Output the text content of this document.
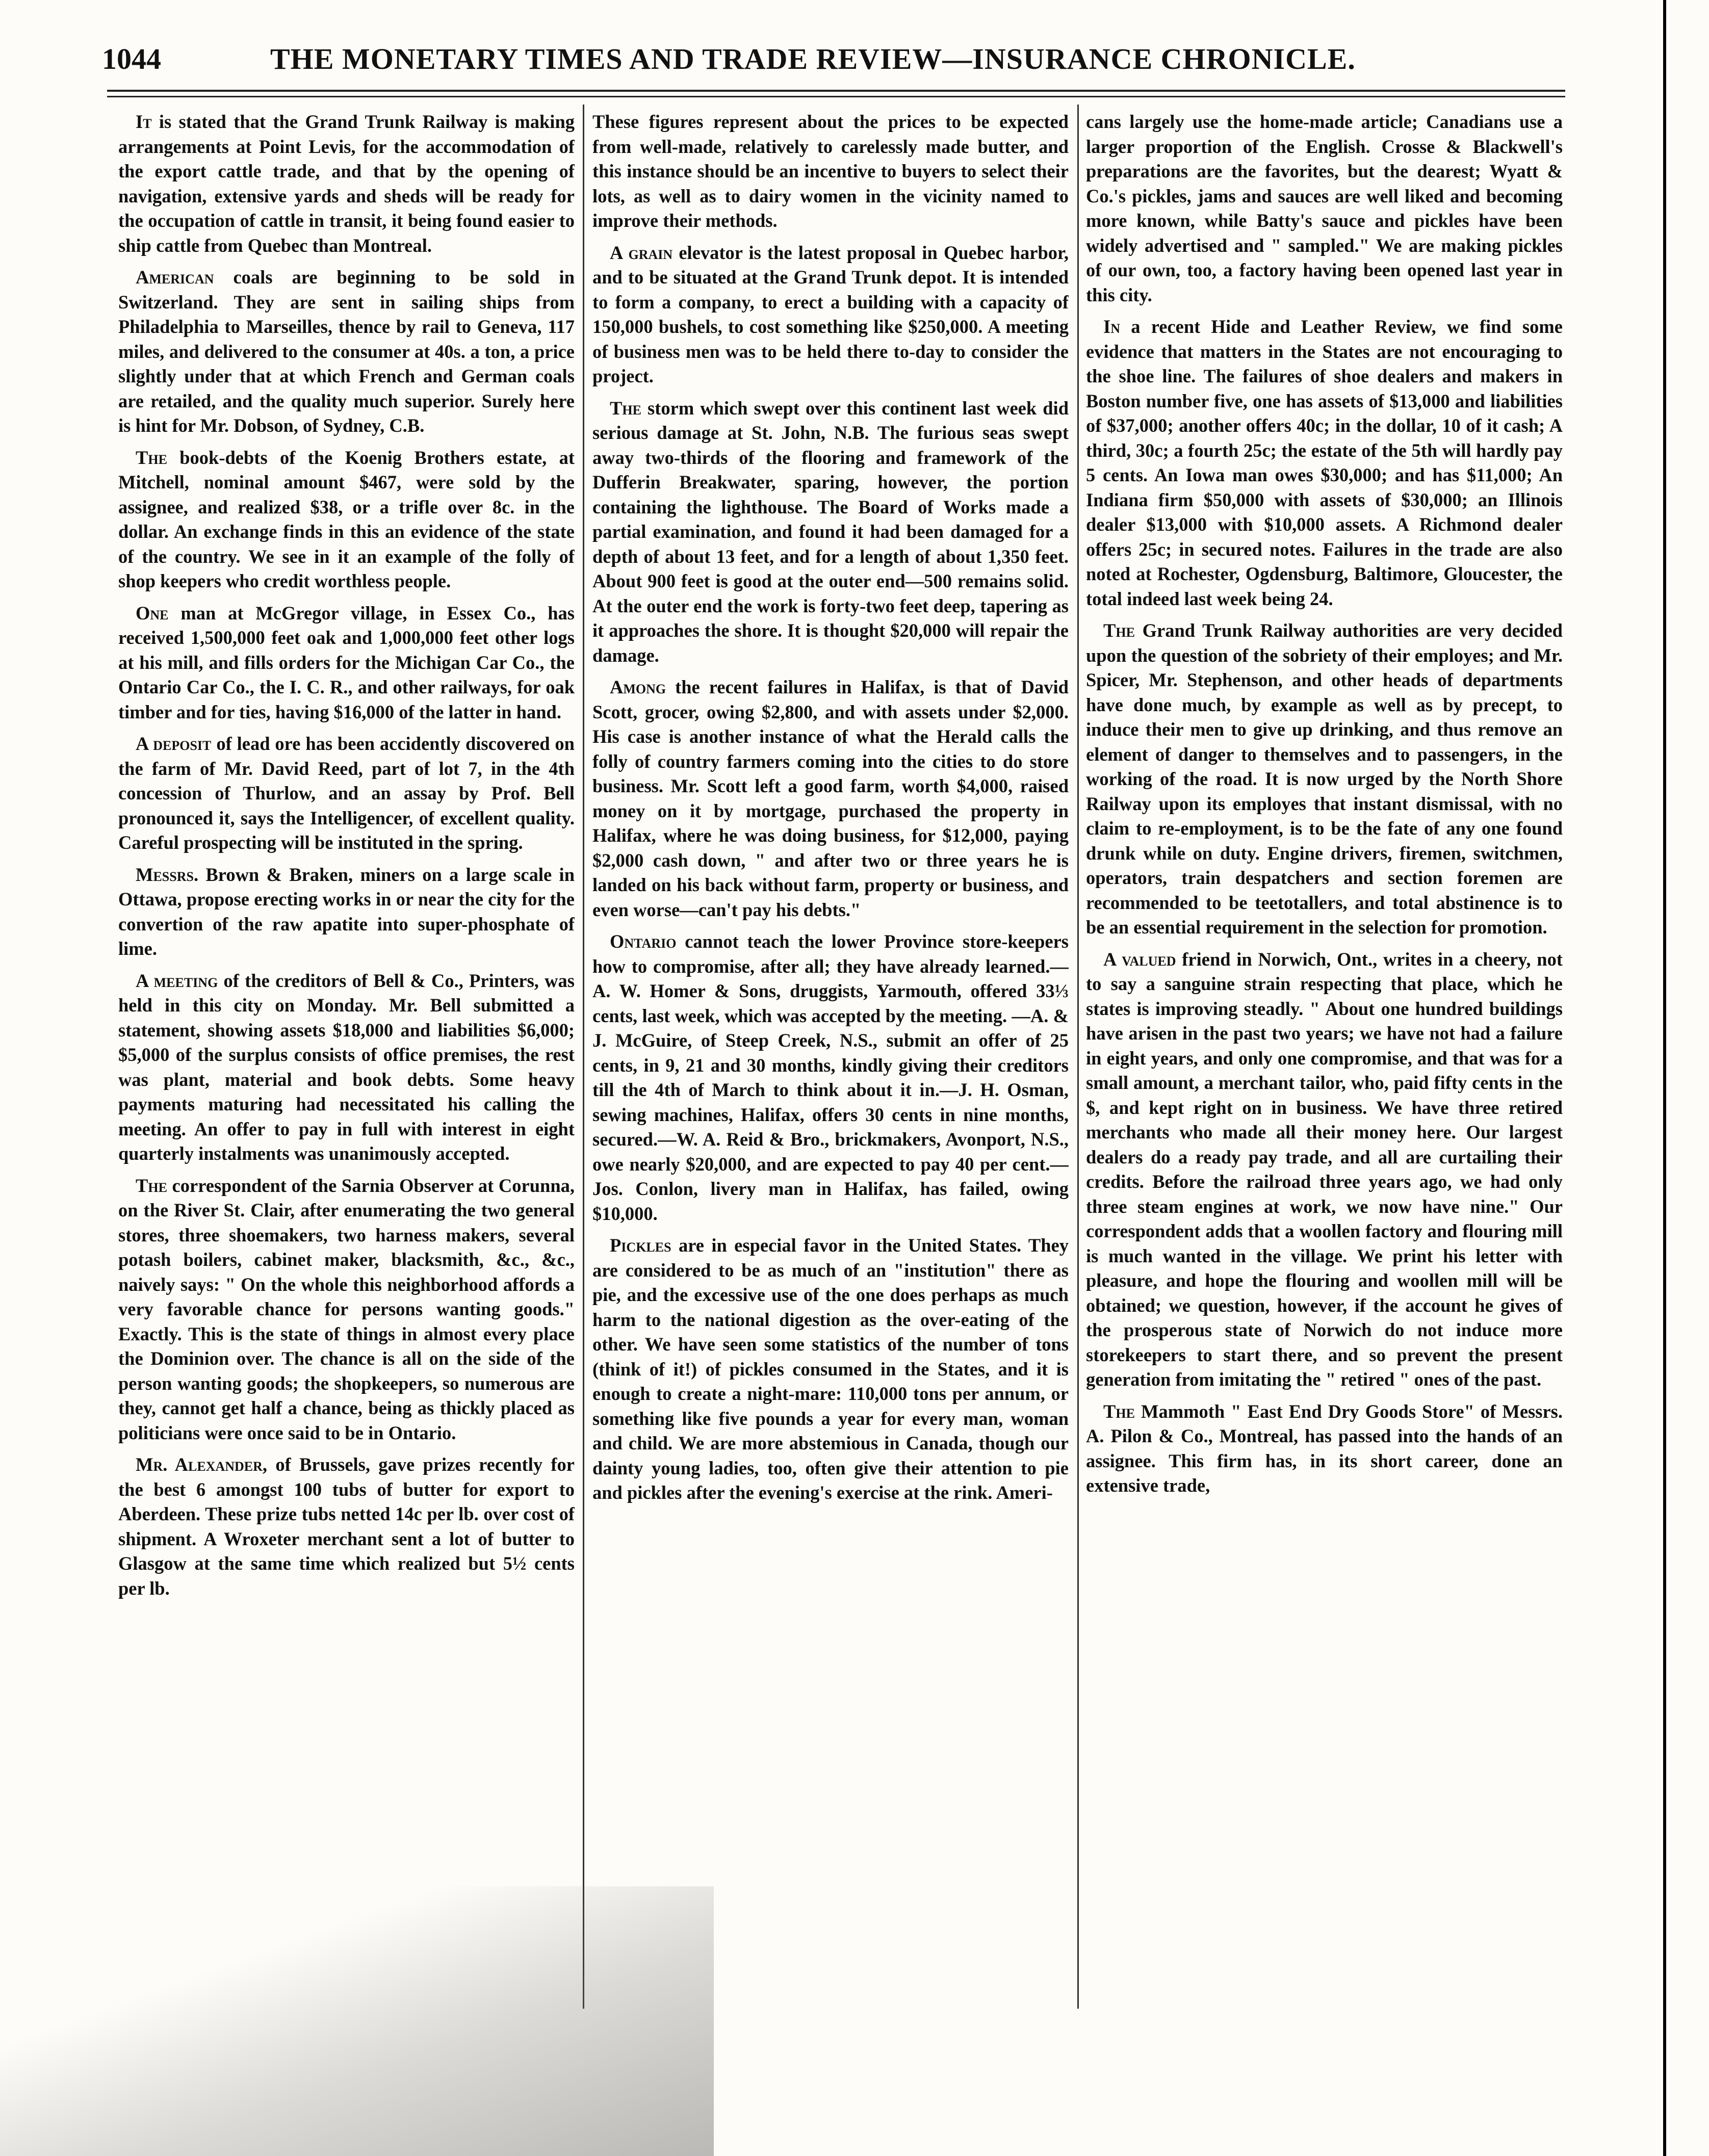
1044	THE MONETARY TIMES AND TRADE REVIEW—INSURANCE CHRONICLE.

It is stated that the Grand Trunk Railway is making arrangements at Point Levis, for the accommodation of the export cattle trade, and that by the opening of navigation, extensive yards and sheds will be ready for the occupation of cattle in transit, it being found easier to ship cattle from Quebec than Montreal.

American coals are beginning to be sold in Switzerland. They are sent in sailing ships from Philadelphia to Marseilles, thence by rail to Geneva, 117 miles, and delivered to the consumer at 40s. a ton, a price slightly under that at which French and German coals are retailed, and the quality much superior. Surely here is hint for Mr. Dobson, of Sydney, C.B.

The book-debts of the Koenig Brothers estate, at Mitchell, nominal amount $467, were sold by the assignee, and realized $38, or a trifle over 8c. in the dollar. An exchange finds in this an evidence of the state of the country. We see in it an example of the folly of shop keepers who credit worthless people.

One man at McGregor village, in Essex Co., has received 1,500,000 feet oak and 1,000,000 feet other logs at his mill, and fills orders for the Michigan Car Co., the Ontario Car Co., the I. C. R., and other railways, for oak timber and for ties, having $16,000 of the latter in hand.

A deposit of lead ore has been accidently discovered on the farm of Mr. David Reed, part of lot 7, in the 4th concession of Thurlow, and an assay by Prof. Bell pronounced it, says the Intelligencer, of excellent quality. Careful prospecting will be instituted in the spring.

Messrs. Brown & Braken, miners on a large scale in Ottawa, propose erecting works in or near the city for the convertion of the raw apatite into super-phosphate of lime.

A meeting of the creditors of Bell & Co., Printers, was held in this city on Monday. Mr. Bell submitted a statement, showing assets $18,000 and liabilities $6,000; $5,000 of the surplus consists of office premises, the rest was plant, material and book debts. Some heavy payments maturing had necessitated his calling the meeting. An offer to pay in full with interest in eight quarterly instalments was unanimously accepted.

The correspondent of the Sarnia Observer at Corunna, on the River St. Clair, after enumerating the two general stores, three shoemakers, two harness makers, several potash boilers, cabinet maker, blacksmith, &c., &c., naively says: " On the whole this neighborhood affords a very favorable chance for persons wanting goods." Exactly. This is the state of things in almost every place the Dominion over. The chance is all on the side of the person wanting goods; the shopkeepers, so numerous are they, cannot get half a chance, being as thickly placed as politicians were once said to be in Ontario.

Mr. Alexander, of Brussels, gave prizes recently for the best 6 amongst 100 tubs of butter for export to Aberdeen. These prize tubs netted 14c per lb. over cost of shipment. A Wroxeter merchant sent a lot of butter to Glasgow at the same time which realized but 5½ cents per lb.

These figures represent about the prices to be expected from well-made, relatively to carelessly made butter, and this instance should be an incentive to buyers to select their lots, as well as to dairy women in the vicinity named to improve their methods.

A grain elevator is the latest proposal in Quebec harbor, and to be situated at the Grand Trunk depot. It is intended to form a company, to erect a building with a capacity of 150,000 bushels, to cost something like $250,000. A meeting of business men was to be held there to-day to consider the project.

The storm which swept over this continent last week did serious damage at St. John, N.B. The furious seas swept away two-thirds of the flooring and framework of the Dufferin Breakwater, sparing, however, the portion containing the lighthouse. The Board of Works made a partial examination, and found it had been damaged for a depth of about 13 feet, and for a length of about 1,350 feet. About 900 feet is good at the outer end—500 remains solid. At the outer end the work is forty-two feet deep, tapering as it approaches the shore. It is thought $20,000 will repair the damage.

Among the recent failures in Halifax, is that of David Scott, grocer, owing $2,800, and with assets under $2,000. His case is another instance of what the Herald calls the folly of country farmers coming into the cities to do store business. Mr. Scott left a good farm, worth $4,000, raised money on it by mortgage, purchased the property in Halifax, where he was doing business, for $12,000, paying $2,000 cash down, " and after two or three years he is landed on his back without farm, property or business, and even worse—can't pay his debts."

Ontario cannot teach the lower Province store-keepers how to compromise, after all; they have already learned.—A. W. Homer & Sons, druggists, Yarmouth, offered 33⅓ cents, last week, which was accepted by the meeting. —A. & J. McGuire, of Steep Creek, N.S., submit an offer of 25 cents, in 9, 21 and 30 months, kindly giving their creditors till the 4th of March to think about it in.—J. H. Osman, sewing machines, Halifax, offers 30 cents in nine months, secured.—W. A. Reid & Bro., brickmakers, Avonport, N.S., owe nearly $20,000, and are expected to pay 40 per cent.—Jos. Conlon, livery man in Halifax, has failed, owing $10,000.

Pickles are in especial favor in the United States. They are considered to be as much of an "institution" there as pie, and the excessive use of the one does perhaps as much harm to the national digestion as the over-eating of the other. We have seen some statistics of the number of tons (think of it!) of pickles consumed in the States, and it is enough to create a night-mare: 110,000 tons per annum, or something like five pounds a year for every man, woman and child. We are more abstemious in Canada, though our dainty young ladies, too, often give their attention to pie and pickles after the evening's exercise at the rink. Ameri-

cans largely use the home-made article; Canadians use a larger proportion of the English. Crosse & Blackwell's preparations are the favorites, but the dearest; Wyatt & Co.'s pickles, jams and sauces are well liked and becoming more known, while Batty's sauce and pickles have been widely advertised and " sampled." We are making pickles of our own, too, a factory having been opened last year in this city.

In a recent Hide and Leather Review, we find some evidence that matters in the States are not encouraging to the shoe line. The failures of shoe dealers and makers in Boston number five, one has assets of $13,000 and liabilities of $37,000; another offers 40c; in the dollar, 10 of it cash; A third, 30c; a fourth 25c; the estate of the 5th will hardly pay 5 cents. An Iowa man owes $30,000; and has $11,000; An Indiana firm $50,000 with assets of $30,000; an Illinois dealer $13,000 with $10,000 assets. A Richmond dealer offers 25c; in secured notes. Failures in the trade are also noted at Rochester, Ogdensburg, Baltimore, Gloucester, the total indeed last week being 24.

The Grand Trunk Railway authorities are very decided upon the question of the sobriety of their employes; and Mr. Spicer, Mr. Stephenson, and other heads of departments have done much, by example as well as by precept, to induce their men to give up drinking, and thus remove an element of danger to themselves and to passengers, in the working of the road. It is now urged by the North Shore Railway upon its employes that instant dismissal, with no claim to re-employment, is to be the fate of any one found drunk while on duty. Engine drivers, firemen, switchmen, operators, train despatchers and section foremen are recommended to be teetotallers, and total abstinence is to be an essential requirement in the selection for promotion.

A valued friend in Norwich, Ont., writes in a cheery, not to say a sanguine strain respecting that place, which he states is improving steadly. " About one hundred buildings have arisen in the past two years; we have not had a failure in eight years, and only one compromise, and that was for a small amount, a merchant tailor, who, paid fifty cents in the $, and kept right on in business. We have three retired merchants who made all their money here. Our largest dealers do a ready pay trade, and all are curtailing their credits. Before the railroad three years ago, we had only three steam engines at work, we now have nine." Our correspondent adds that a woollen factory and flouring mill is much wanted in the village. We print his letter with pleasure, and hope the flouring and woollen mill will be obtained; we question, however, if the account he gives of the prosperous state of Norwich do not induce more storekeepers to start there, and so prevent the present generation from imitating the " retired " ones of the past.

The Mammoth " East End Dry Goods Store" of Messrs. A. Pilon & Co., Montreal, has passed into the hands of an assignee. This firm has, in its short career, done an extensive trade,
